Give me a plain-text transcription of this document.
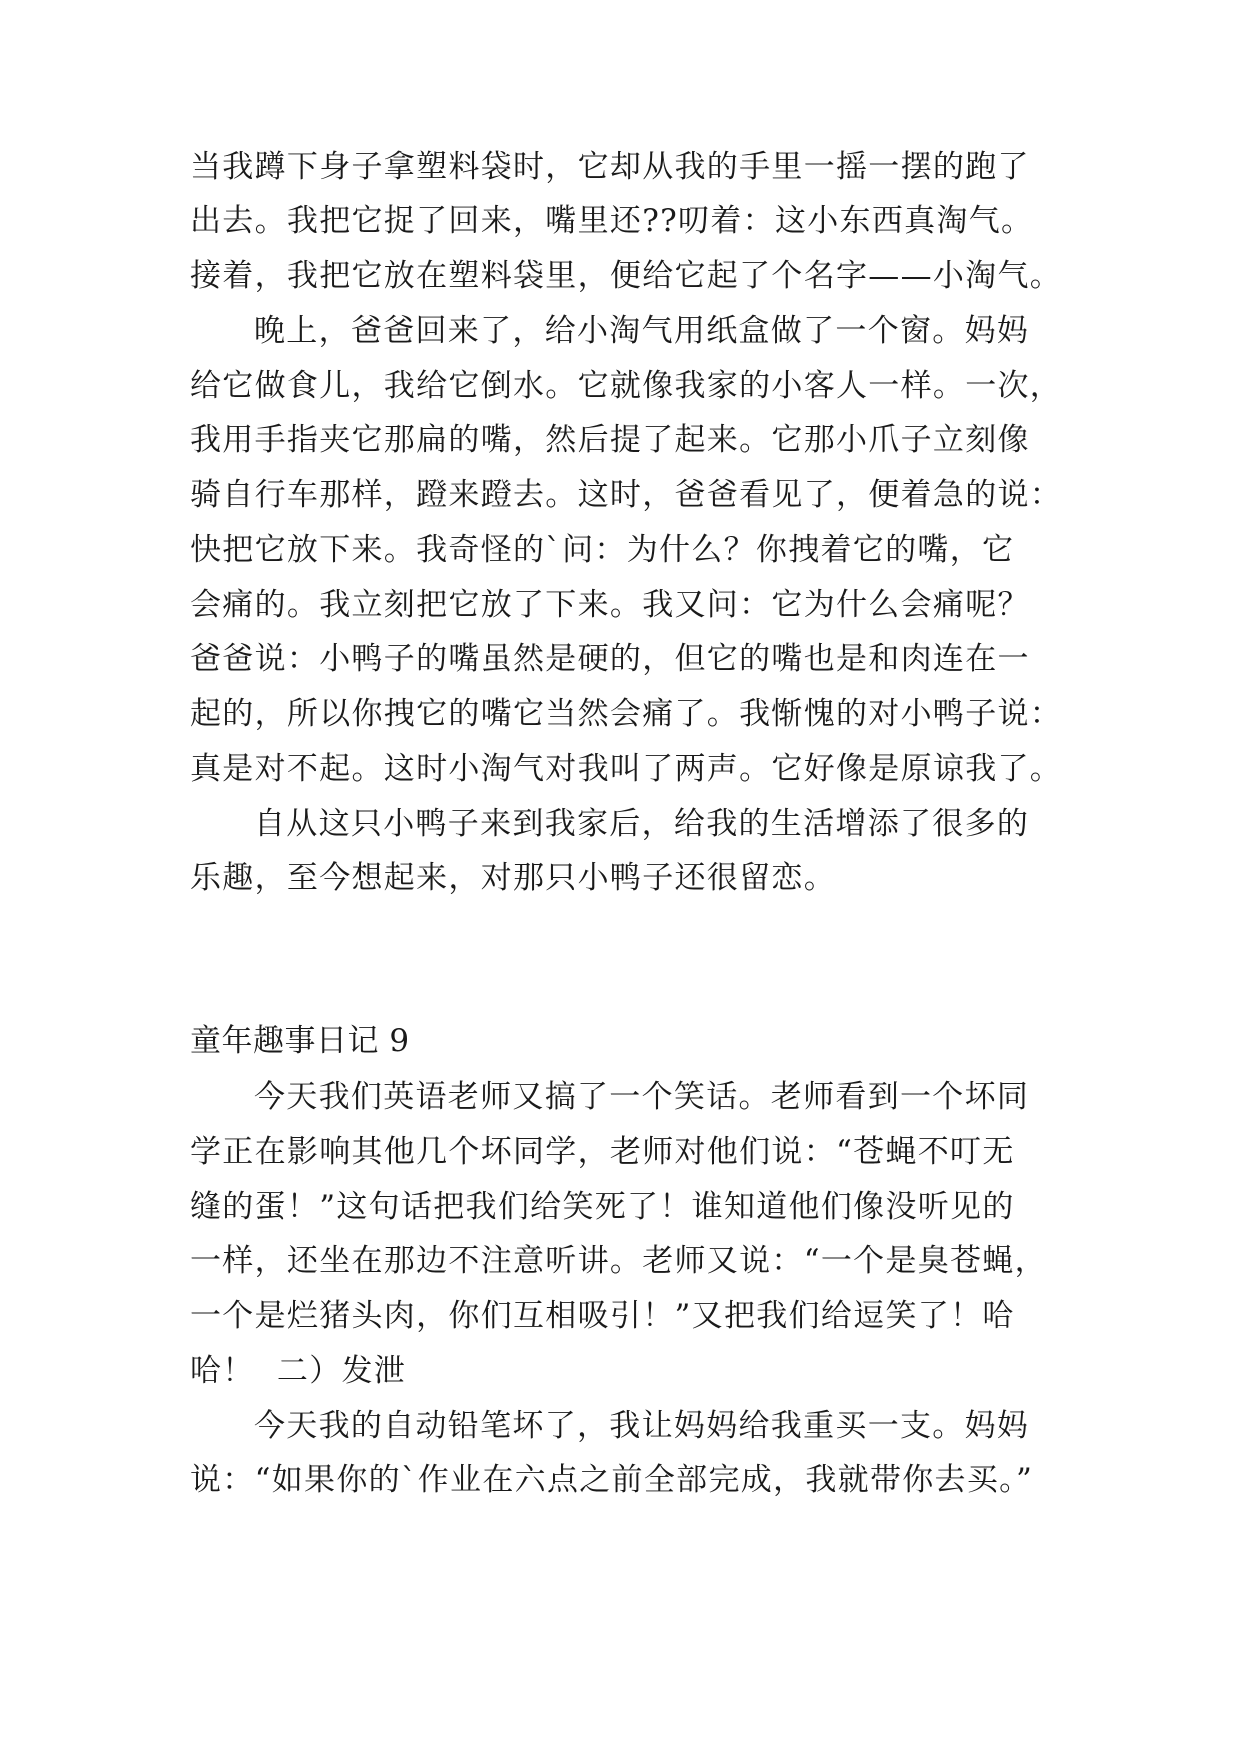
当我蹲下身子拿塑料袋时，它却从我的手里一摇一摆的跑了
出去。我把它捉了回来，嘴里还??叨着：这小东西真淘气。
接着，我把它放在塑料袋里，便给它起了个名字——小淘气。
晚上，爸爸回来了，给小淘气用纸盒做了一个窗。妈妈
给它做食儿，我给它倒水。它就像我家的小客人一样。一次，
我用手指夹它那扁的嘴，然后提了起来。它那小爪子立刻像
骑自行车那样，蹬来蹬去。这时，爸爸看见了，便着急的说：
快把它放下来。我奇怪的`问：为什么？你拽着它的嘴，它
会痛的。我立刻把它放了下来。我又问：它为什么会痛呢？
爸爸说：小鸭子的嘴虽然是硬的，但它的嘴也是和肉连在一
起的，所以你拽它的嘴它当然会痛了。我惭愧的对小鸭子说：
真是对不起。这时小淘气对我叫了两声。它好像是原谅我了。
自从这只小鸭子来到我家后，给我的生活增添了很多的
乐趣，至今想起来，对那只小鸭子还很留恋。
童年趣事日记 9
今天我们英语老师又搞了一个笑话。老师看到一个坏同
学正在影响其他几个坏同学，老师对他们说：“苍蝇不叮无
缝的蛋！”这句话把我们给笑死了！谁知道他们像没听见的
一样，还坐在那边不注意听讲。老师又说：“一个是臭苍蝇，
一个是烂猪头肉，你们互相吸引！”又把我们给逗笑了！哈
哈！  二）发泄
今天我的自动铅笔坏了，我让妈妈给我重买一支。妈妈
说：“如果你的`作业在六点之前全部完成，我就带你去买。”
